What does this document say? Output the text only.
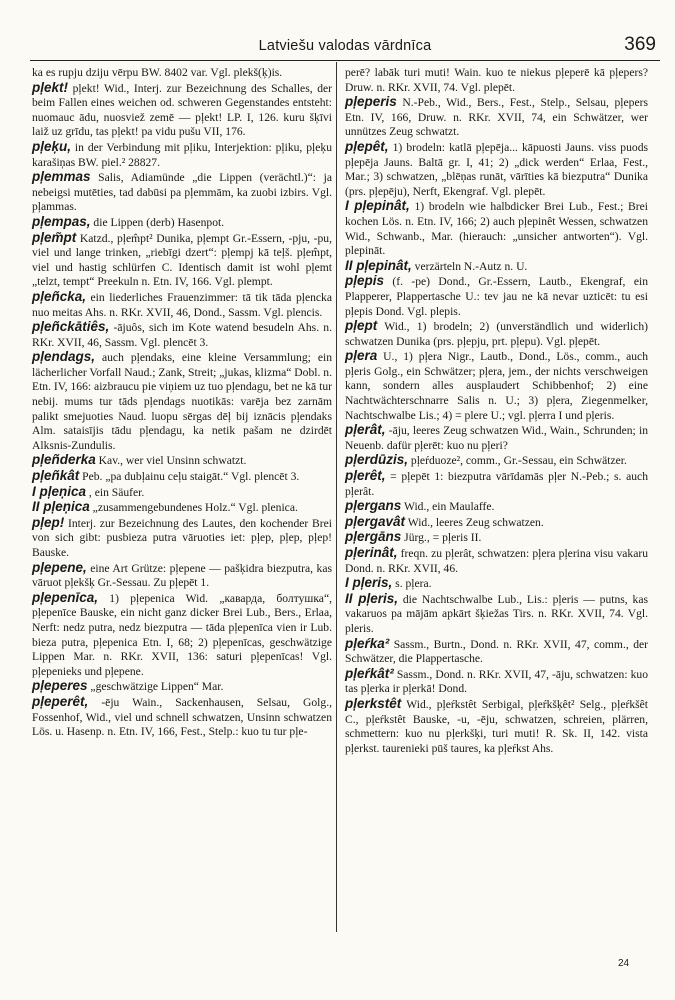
Latviešu valodas vārdnīca	369
ka es rupju dziju vērpu BW. 8402 var. Vgl. plekš(ķ)is.
pļekt! pļekt! Wid., Interj. zur Bezeichnung des Schalles, der beim Fallen eines weichen od. schweren Gegenstandes entsteht: nuomauc ādu, nuosviež zemē — pļekt! LP. I, 126. kuru šķīvi laiž uz grīdu, tas pļekt! pa vidu pušu VII, 176.
pļeķu, in der Verbindung mit pļiku, Interjektion: pļiku, pļeķu karašiņas BW. piel.² 28827.
pļemmas Salis, Adiamünde „die Lippen (verächtl.)“: ja nebeigsi mutēties, tad dabūsi pa pļemmām, ka zuobi izbirs. Vgl. pļammas.
pļempas, die Lippen (derb) Hasenpot.
pļem̃pt Katzd., pļem̂pt² Dunika, pļempt Gr.-Essern, -pju, -pu, viel und langе trinken, „riebīgi dzert“: pļempj kā teļš. pļem̂pt, viel und hastig schlürfen C. Identisch damit ist wohl pļemt „telzt, tempt“ Preekuln n. Etn. IV, 166. Vgl. plempt.
pļeñcka, ein liederliches Frauenzimmer: tā tik tāda pļencka nuo meitas Ahs. n. RKr. XVII, 46, Dond., Sassm. Vgl. plencis.
pļeñckātiês, -ājuôs, sich im Kote watend besudeln Ahs. n. RKr. XVII, 46, Sassm. Vgl. plencēt 3.
pļendags, auch pļendaks, eine kleine Versammlung; ein lächerlicher Vorfall Naud.; Zank, Streit; „jukas, klizma“ Dobl. n. Etn. IV, 166: aizbraucu pie viņiem uz tuo pļendagu, bet ne kā tur nebij. mums tur tāds pļendags nuotikās: varēja bez zarnām palikt smejuoties Naud. luopu sērgas dēļ bij iznācis pļendaks Alm. sataisījis tādu pļendagu, ka netik pašam ne dzirdēt Alksnis-Zundulis.
pļeñderka Kav., wer viel Unsinn schwatzt.
pļeñkât Peb. „pa dubļainu ceļu staigāt.“ Vgl. plencēt 3.
I pļeņica , ein Säufer.
II pļeņica „zusammengebundenes Holz.“ Vgl. plenica.
pļep! Interj. zur Bezeichnung des Lautes, den kochender Brei von sich gibt: pusbieza putra vāruoties iet: pļep, pļep, pļep! Bauske.
pļepene, eine Art Grütze: pļepene — pašķidra biezputra, kas vāruot pļekšķ Gr.-Sessau. Zu pļepēt 1.
pļepenīca, 1) pļepenica Wid. „кавардa, болтушка“, pļepenīce Bauske, ein nicht ganz dicker Brei Lub., Bers., Erlaa, Nerft: nedz putra, nedz biezputra — tāda pļepenīca vien ir Lub. bieza putra, pļepenica Etn. I, 68; 2) pļepenīcas, geschwätzige Lippen Mar. n. RKr. XVII, 136: saturi pļepenīcas! Vgl. pļepenieks und pļepene.
pļeperes „geschwätzige Lippen“ Mar.
pļeperêt, -ēju Wain., Sackenhausen, Selsau, Golg., Fossenhof, Wid., viel und schnell schwatzen, Unsinn schwatzen Lös. u. Hasenp. n. Etn. IV, 166, Fest., Stelp.: kuo tu tur pļe-
perē? labāk turi muti! Wain. kuo te niekus pļeperē kā pļepers? Druw. n. RKr. XVII, 74. Vgl. plepēt.
pļeperis N.-Peb., Wid., Bers., Fest., Stelp., Selsau, pļepers Etn. IV, 166, Druw. n. RKr. XVII, 74, ein Schwätzer, wer unnützes Zeug schwatzt.
pļepêt, 1) brodeln: katlā pļepēja... kāpuosti Jauns. viss puods pļepēja Jauns. Baltā gr. I, 41; 2) „dick werden“ Erlaa, Fest., Mar.; 3) schwatzen, „blēņas runāt, vārīties kā biezputra“ Dunika (prs. pļepēju), Nerft, Ekengraf. Vgl. plepēt.
I pļepinât, 1) brodeln wie halbdicker Brei Lub., Fest.; Brei kochen Lös. n. Etn. IV, 166; 2) auch pļepinêt Wessen, schwatzen Wid., Schwanb., Mar. (hierauch: „unsicher antworten“). Vgl. plepināt.
II pļepinât, verzärteln N.-Autz n. U.
pļepis (f. -pe) Dond., Gr.-Essern, Lautb., Ekengraf, ein Plapperer, Plappertasche U.: tev jau ne kā nevar uzticēt: tu esi pļepis Dond. Vgl. plepis.
pļept Wid., 1) brodeln; 2) (unverständlich und widerlich) schwatzen Dunika (prs. pļepju, prt. pļepu). Vgl. pļepēt.
pļera U., 1) pļera Nigr., Lautb., Dond., Lös., comm., auch pļeris Golg., ein Schwätzer; pļera, jem., der nichts verschweigen kann, sondern alles ausplaudert Schibbenhof; 2) eine Nachtwächterschnarre Salis n. U.; 3) pļera, Ziegenmelker, Nachtschwalbe Lis.; 4) = plere U.; vgl. pļerra I und pļeris.
pļerât, -āju, leeres Zeug schwatzen Wid., Wain., Schrunden; in Neuenb. dafür pļerēt: kuo nu pļeri?
pļerdūzis, pļeŕduoze², comm., Gr.-Sessau, ein Schwätzer.
pļerêt, = pļepēt 1: biezputra vārīdamās pļer N.-Peb.; s. auch pļerât.
pļergans Wid., ein Maulaffe.
pļergavât Wid., leeres Zeug schwatzen.
pļergāns Jürg., = pļeris II.
pļerinât, freqn. zu pļerât, schwatzen: pļera pļerina visu vakaru Dond. n. RKr. XVII, 46.
I pļeris, s. pļera.
II pļeris, die Nachtschwalbe Lub., Lis.: pļeris — putns, kas vakaruos pa mājām apkārt šķiežas Tirs. n. RKr. XVII, 74. Vgl. pleris.
pļeŕka² Sassm., Burtn., Dond. n. RKr. XVII, 47, comm., der Schwätzer, die Plappertasche.
pļeŕkât² Sassm., Dond. n. RKr. XVII, 47, -āju, schwatzen: kuo tas pļerka ir pļerkā! Dond.
pļerkstêt Wid., pļeŕkstêt Serbigal, pļeŕkšķêt² Selg., pļeŕkšêt C., pļeŕkstêt Bauske, -u, -ēju, schwatzen, schreien, plärren, schmettern: kuo nu pļerkšķi, turi muti! R. Sk. II, 142. vista pļerkst. taurenieki pūš taures, ka pļeŕkst Ahs.
24
